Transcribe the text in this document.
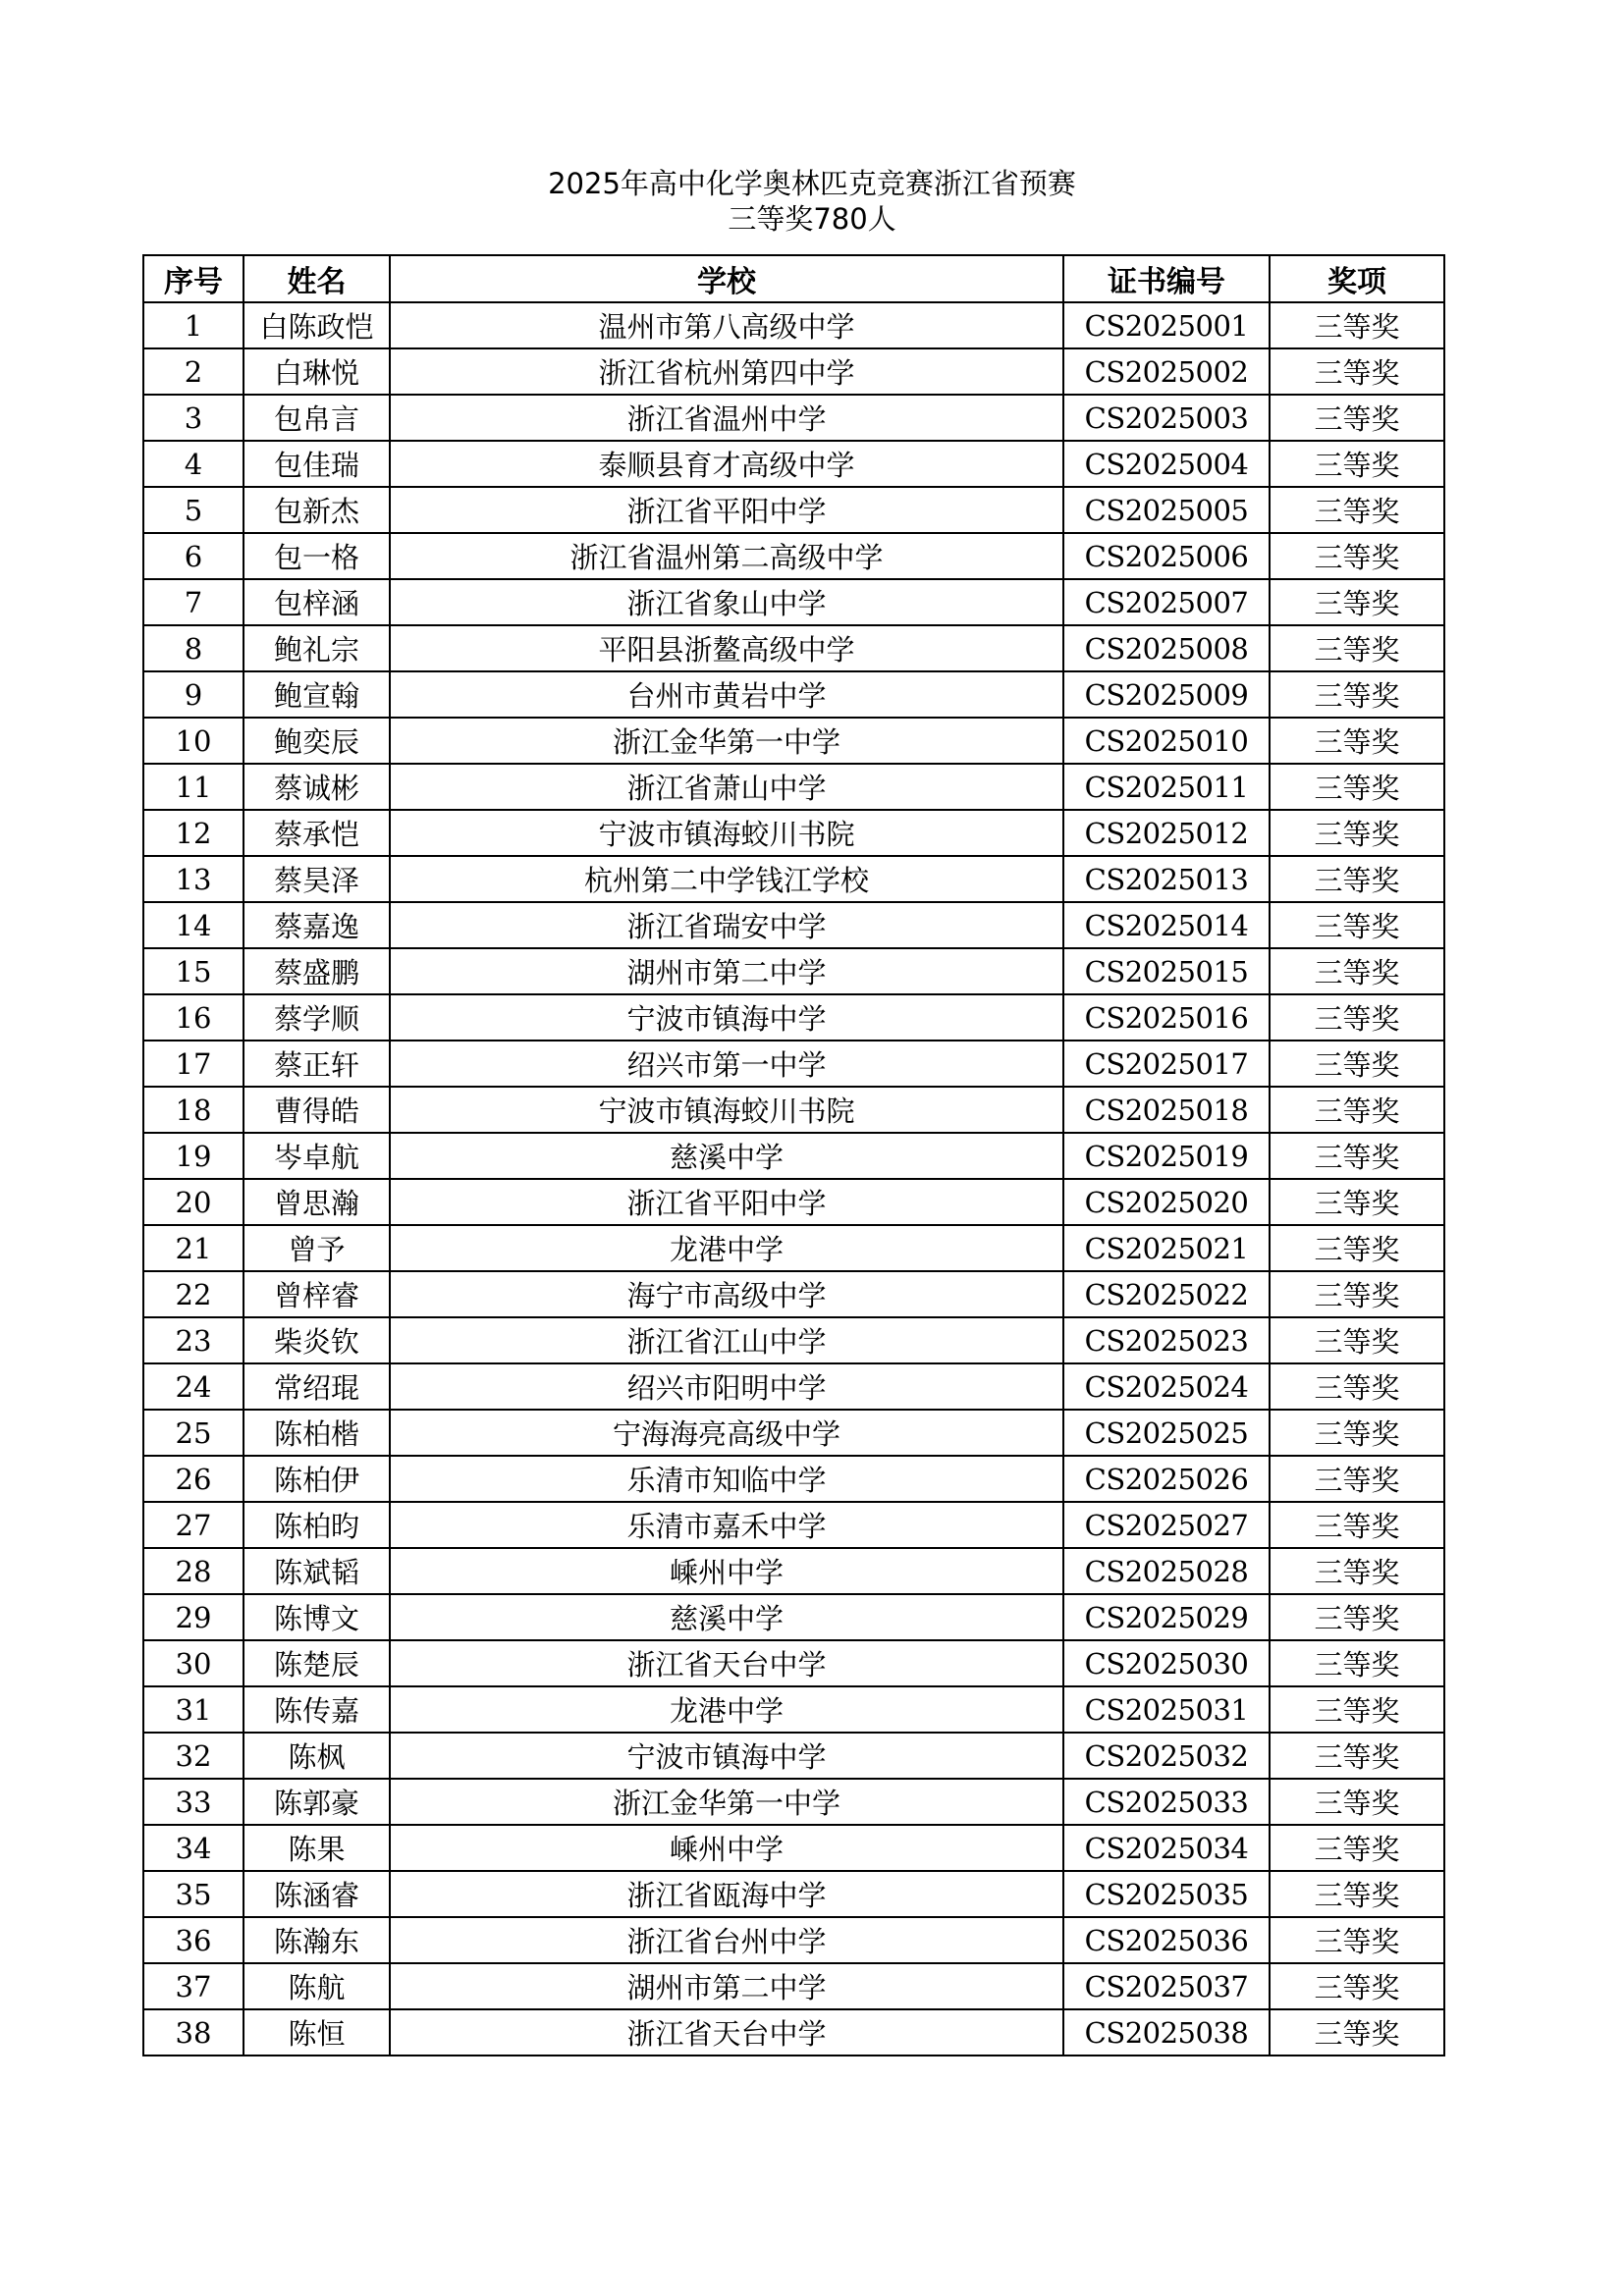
2025年高中化学奥林匹克竞赛浙江省预赛
三等奖780人
序号	姓名	学校	证书编号	奖项
1	白陈政恺	温州市第八高级中学	CS2025001	三等奖
2	白琳悦	浙江省杭州第四中学	CS2025002	三等奖
3	包帛言	浙江省温州中学	CS2025003	三等奖
4	包佳瑞	泰顺县育才高级中学	CS2025004	三等奖
5	包新杰	浙江省平阳中学	CS2025005	三等奖
6	包一格	浙江省温州第二高级中学	CS2025006	三等奖
7	包梓涵	浙江省象山中学	CS2025007	三等奖
8	鲍礼宗	平阳县浙鳌高级中学	CS2025008	三等奖
9	鲍宣翰	台州市黄岩中学	CS2025009	三等奖
10	鲍奕辰	浙江金华第一中学	CS2025010	三等奖
11	蔡诚彬	浙江省萧山中学	CS2025011	三等奖
12	蔡承恺	宁波市镇海蛟川书院	CS2025012	三等奖
13	蔡昊泽	杭州第二中学钱江学校	CS2025013	三等奖
14	蔡嘉逸	浙江省瑞安中学	CS2025014	三等奖
15	蔡盛鹏	湖州市第二中学	CS2025015	三等奖
16	蔡学顺	宁波市镇海中学	CS2025016	三等奖
17	蔡正轩	绍兴市第一中学	CS2025017	三等奖
18	曹得皓	宁波市镇海蛟川书院	CS2025018	三等奖
19	岑卓航	慈溪中学	CS2025019	三等奖
20	曾思瀚	浙江省平阳中学	CS2025020	三等奖
21	曾予	龙港中学	CS2025021	三等奖
22	曾梓睿	海宁市高级中学	CS2025022	三等奖
23	柴炎钦	浙江省江山中学	CS2025023	三等奖
24	常绍琨	绍兴市阳明中学	CS2025024	三等奖
25	陈柏楷	宁海海亮高级中学	CS2025025	三等奖
26	陈柏伊	乐清市知临中学	CS2025026	三等奖
27	陈柏昀	乐清市嘉禾中学	CS2025027	三等奖
28	陈斌韬	嵊州中学	CS2025028	三等奖
29	陈博文	慈溪中学	CS2025029	三等奖
30	陈楚辰	浙江省天台中学	CS2025030	三等奖
31	陈传嘉	龙港中学	CS2025031	三等奖
32	陈枫	宁波市镇海中学	CS2025032	三等奖
33	陈郭豪	浙江金华第一中学	CS2025033	三等奖
34	陈果	嵊州中学	CS2025034	三等奖
35	陈涵睿	浙江省瓯海中学	CS2025035	三等奖
36	陈瀚东	浙江省台州中学	CS2025036	三等奖
37	陈航	湖州市第二中学	CS2025037	三等奖
38	陈恒	浙江省天台中学	CS2025038	三等奖
